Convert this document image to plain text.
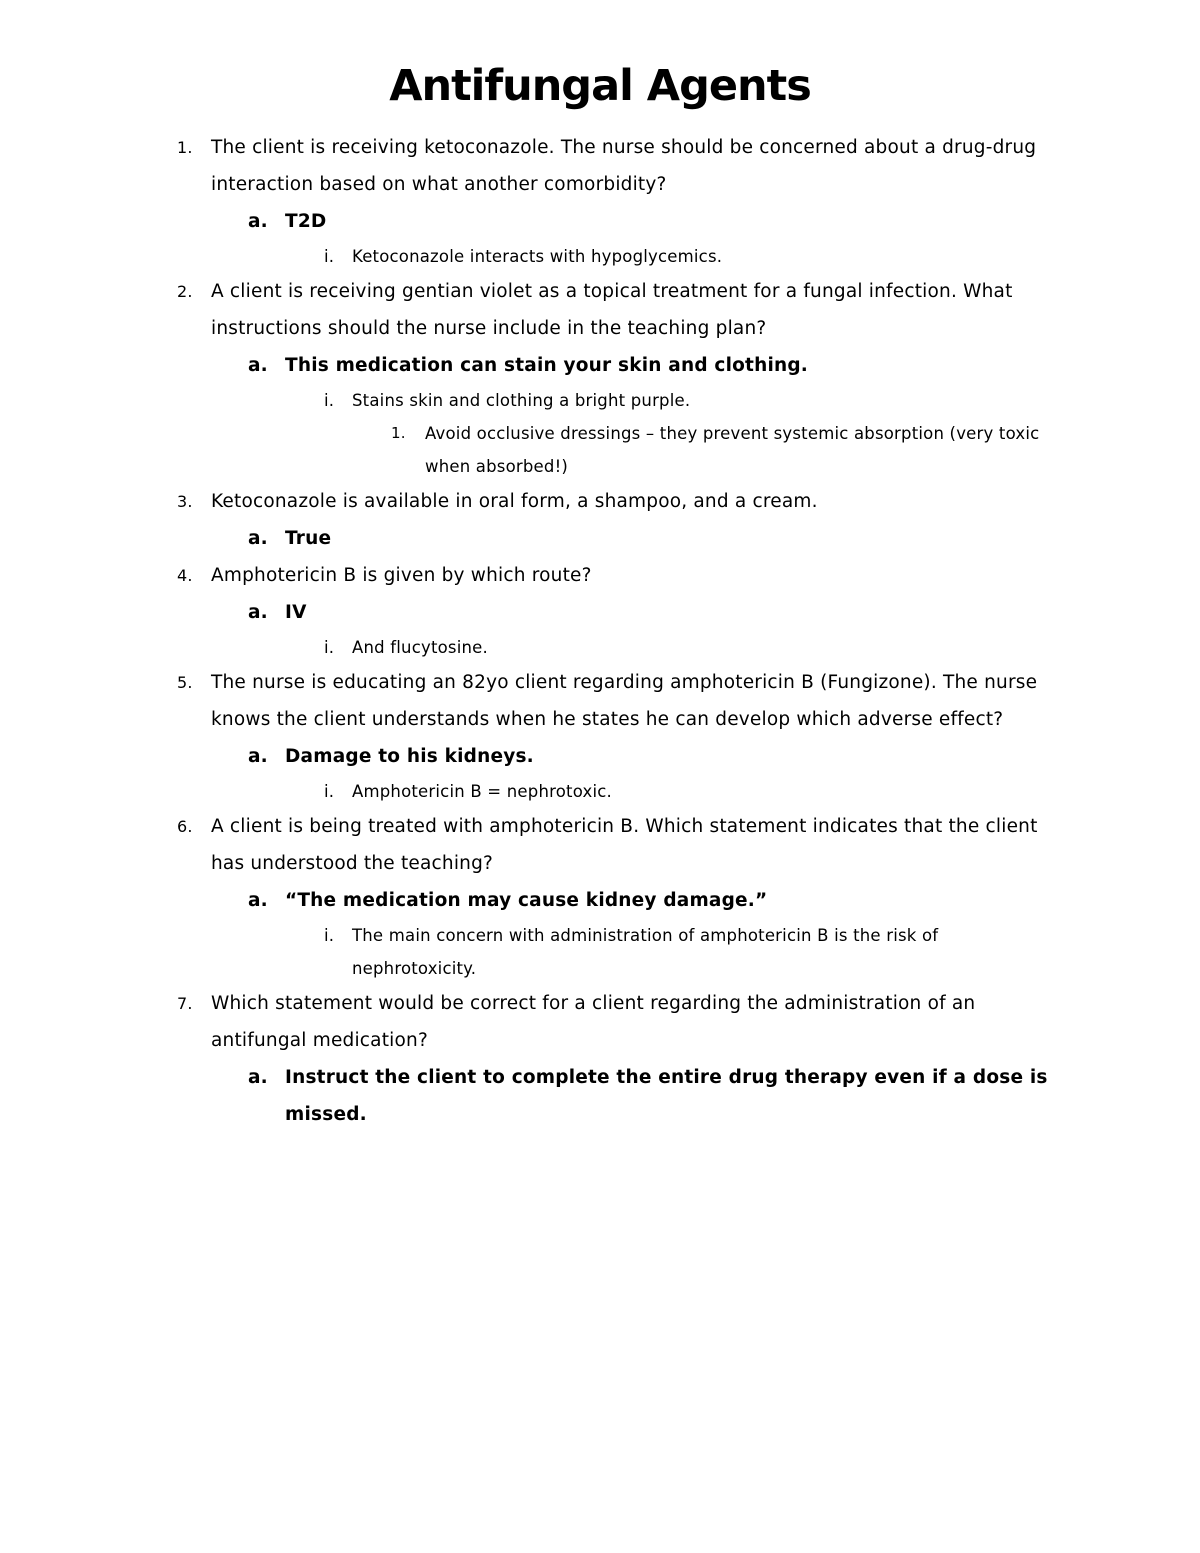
Antifungal Agents
1. The client is receiving ketoconazole. The nurse should be concerned about a drug-drug interaction based on what another comorbidity?
a. T2D
i. Ketoconazole interacts with hypoglycemics.
2. A client is receiving gentian violet as a topical treatment for a fungal infection. What instructions should the nurse include in the teaching plan?
a. This medication can stain your skin and clothing.
i. Stains skin and clothing a bright purple.
1. Avoid occlusive dressings – they prevent systemic absorption (very toxic when absorbed!)
3. Ketoconazole is available in oral form, a shampoo, and a cream.
a. True
4. Amphotericin B is given by which route?
a. IV
i. And flucytosine.
5. The nurse is educating an 82yo client regarding amphotericin B (Fungizone). The nurse knows the client understands when he states he can develop which adverse effect?
a. Damage to his kidneys.
i. Amphotericin B = nephrotoxic.
6. A client is being treated with amphotericin B. Which statement indicates that the client has understood the teaching?
a. “The medication may cause kidney damage.”
i. The main concern with administration of amphotericin B is the risk of nephrotoxicity.
7. Which statement would be correct for a client regarding the administration of an antifungal medication?
a. Instruct the client to complete the entire drug therapy even if a dose is missed.
